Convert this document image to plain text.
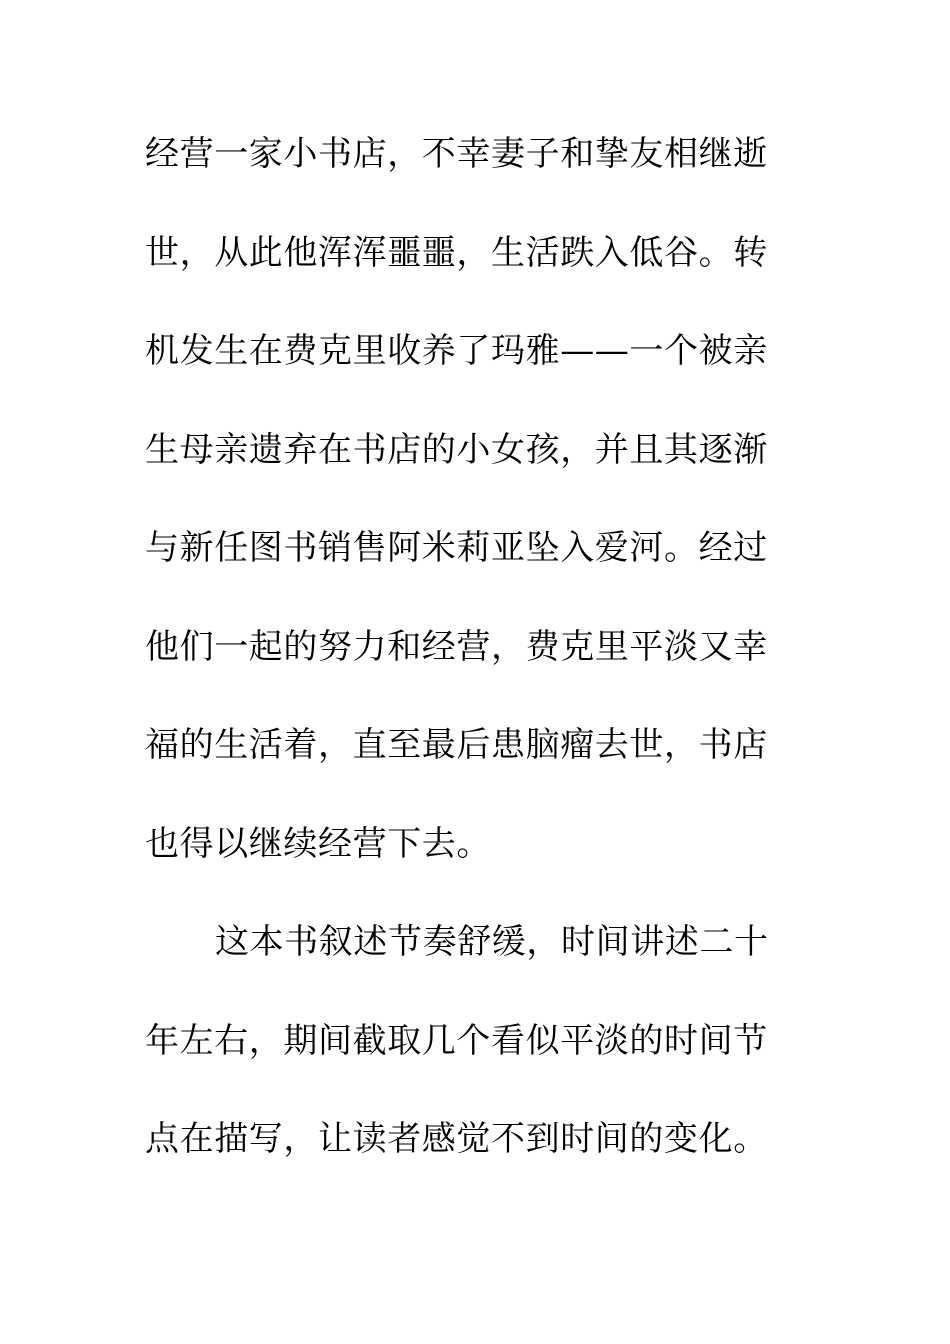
经营一家小书店，不幸妻子和挚友相继逝
世，从此他浑浑噩噩，生活跌入低谷。转
机发生在费克里收养了玛雅——一个被亲
生母亲遗弃在书店的小女孩，并且其逐渐
与新任图书销售阿米莉亚坠入爱河。经过
他们一起的努力和经营，费克里平淡又幸
福的生活着，直至最后患脑瘤去世，书店
也得以继续经营下去。
这本书叙述节奏舒缓，时间讲述二十
年左右，期间截取几个看似平淡的时间节
点在描写，让读者感觉不到时间的变化。
